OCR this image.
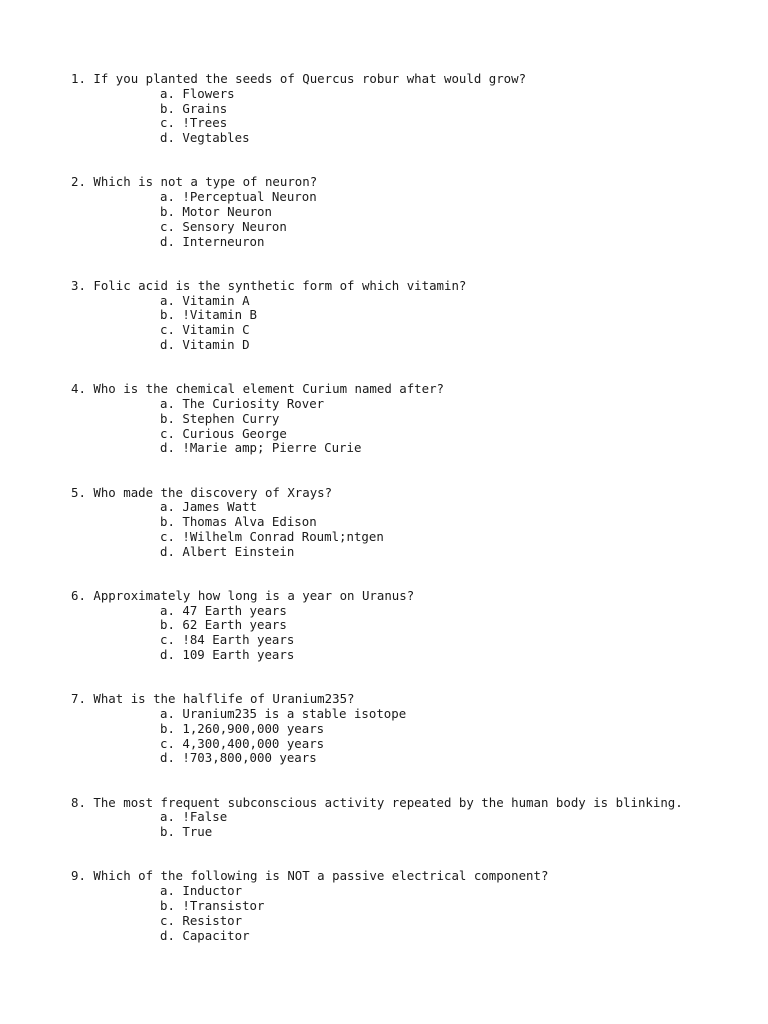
1. If you planted the seeds of Quercus robur what would grow?
a. Flowers
b. Grains
c. !Trees
d. Vegtables
2. Which is not a type of neuron?
a. !Perceptual Neuron
b. Motor Neuron
c. Sensory Neuron
d. Interneuron
3. Folic acid is the synthetic form of which vitamin?
a. Vitamin A
b. !Vitamin B
c. Vitamin C
d. Vitamin D
4. Who is the chemical element Curium named after?
a. The Curiosity Rover
b. Stephen Curry
c. Curious George
d. !Marie amp; Pierre Curie
5. Who made the discovery of Xrays?
a. James Watt
b. Thomas Alva Edison
c. !Wilhelm Conrad Rouml;ntgen
d. Albert Einstein
6. Approximately how long is a year on Uranus?
a. 47 Earth years
b. 62 Earth years
c. !84 Earth years
d. 109 Earth years
7. What is the halflife of Uranium235?
a. Uranium235 is a stable isotope
b. 1,260,900,000 years
c. 4,300,400,000 years
d. !703,800,000 years
8. The most frequent subconscious activity repeated by the human body is blinking.
a. !False
b. True
9. Which of the following is NOT a passive electrical component?
a. Inductor
b. !Transistor
c. Resistor
d. Capacitor
